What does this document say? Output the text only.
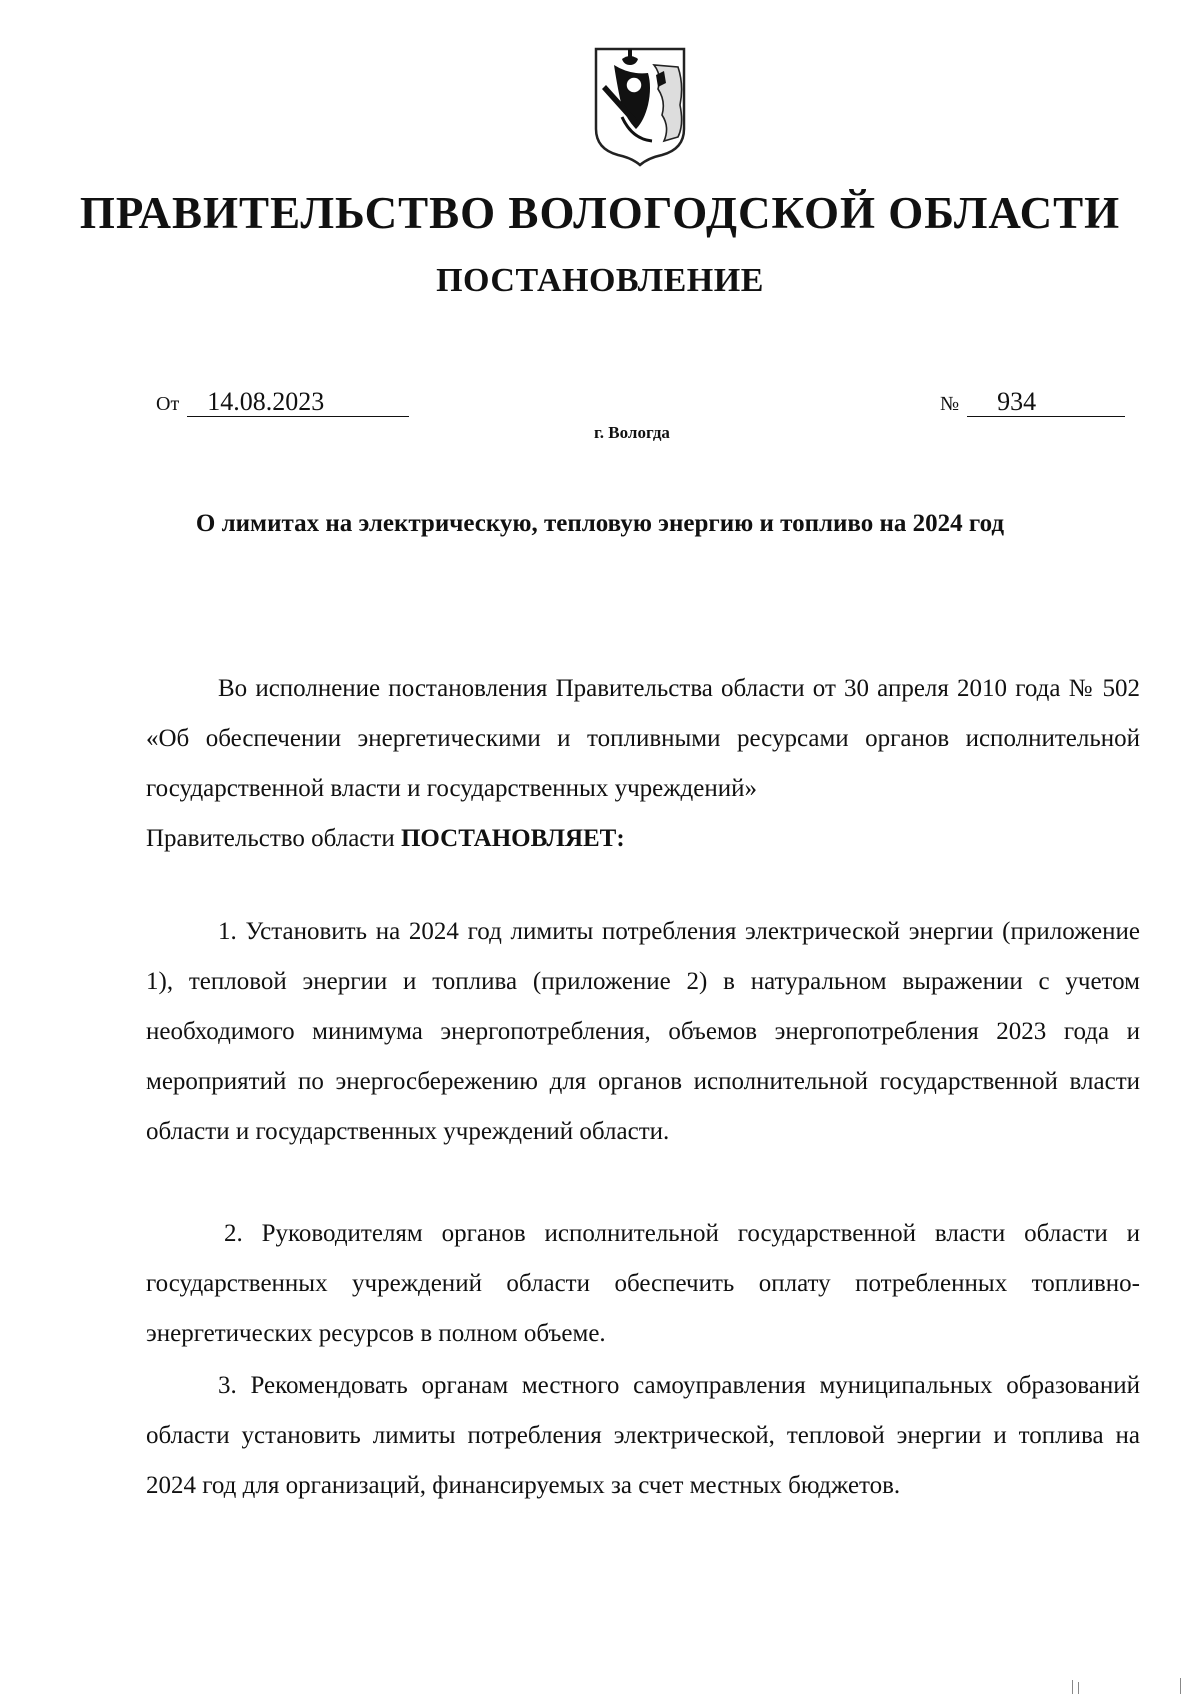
ПРАВИТЕЛЬСТВО ВОЛОГОДСКОЙ ОБЛАСТИ
ПОСТАНОВЛЕНИЕ
От 14.08.2023	№ 934
г. Вологда
О лимитах на электрическую, тепловую энергию и топливо на 2024 год

Во исполнение постановления Правительства области от 30 апреля 2010 года № 502 «Об обеспечении энергетическими и топливными ресурсами органов исполнительной государственной власти и государственных учреждений»
Правительство области ПОСТАНОВЛЯЕТ:

1. Установить на 2024 год лимиты потребления электрической энергии (приложение 1), тепловой энергии и топлива (приложение 2) в натуральном выражении с учетом необходимого минимума энергопотребления, объемов энергопотребления 2023 года и мероприятий по энергосбережению для органов исполнительной государственной власти области и государственных учреждений области.

2. Руководителям органов исполнительной государственной власти области и государственных учреждений области обеспечить оплату потребленных топливно-энергетических ресурсов в полном объеме.

3. Рекомендовать органам местного самоуправления муниципальных образований области установить лимиты потребления электрической, тепловой энергии и топлива на 2024 год для организаций, финансируемых за счет местных бюджетов.
